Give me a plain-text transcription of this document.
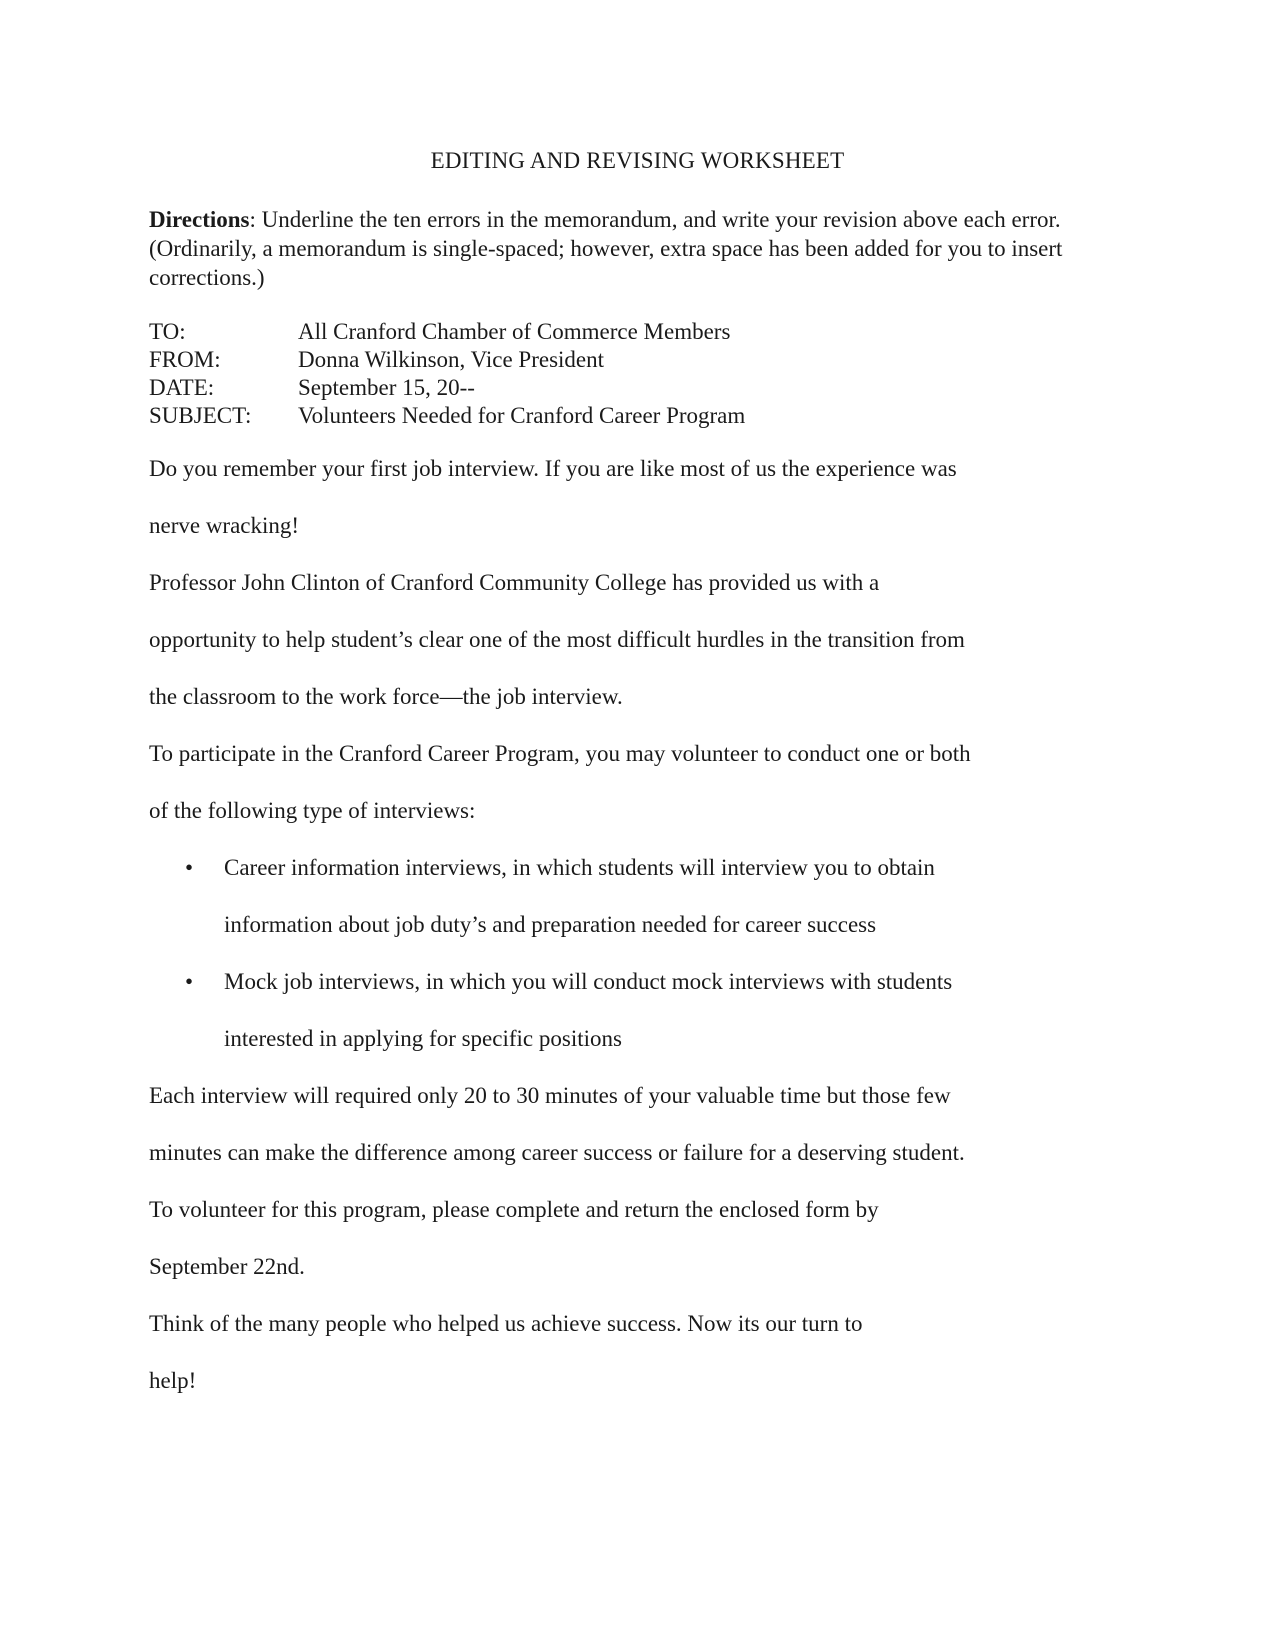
EDITING AND REVISING WORKSHEET
Directions: Underline the ten errors in the memorandum, and write your revision above each error. (Ordinarily, a memorandum is single-spaced; however, extra space has been added for you to insert corrections.)
TO:	All Cranford Chamber of Commerce Members
FROM:	Donna Wilkinson, Vice President
DATE:	September 15, 20--
SUBJECT:	Volunteers Needed for Cranford Career Program
Do you remember your first job interview. If you are like most of us the experience was
nerve wracking!
Professor John Clinton of Cranford Community College has provided us with a
opportunity to help student’s clear one of the most difficult hurdles in the transition from
the classroom to the work force—the job interview.
To participate in the Cranford Career Program, you may volunteer to conduct one or both
of the following type of interviews:
• Career information interviews, in which students will interview you to obtain
information about job duty’s and preparation needed for career success
• Mock job interviews, in which you will conduct mock interviews with students
interested in applying for specific positions
Each interview will required only 20 to 30 minutes of your valuable time but those few
minutes can make the difference among career success or failure for a deserving student.
To volunteer for this program, please complete and return the enclosed form by
September 22nd.
Think of the many people who helped us achieve success. Now its our turn to
help!
